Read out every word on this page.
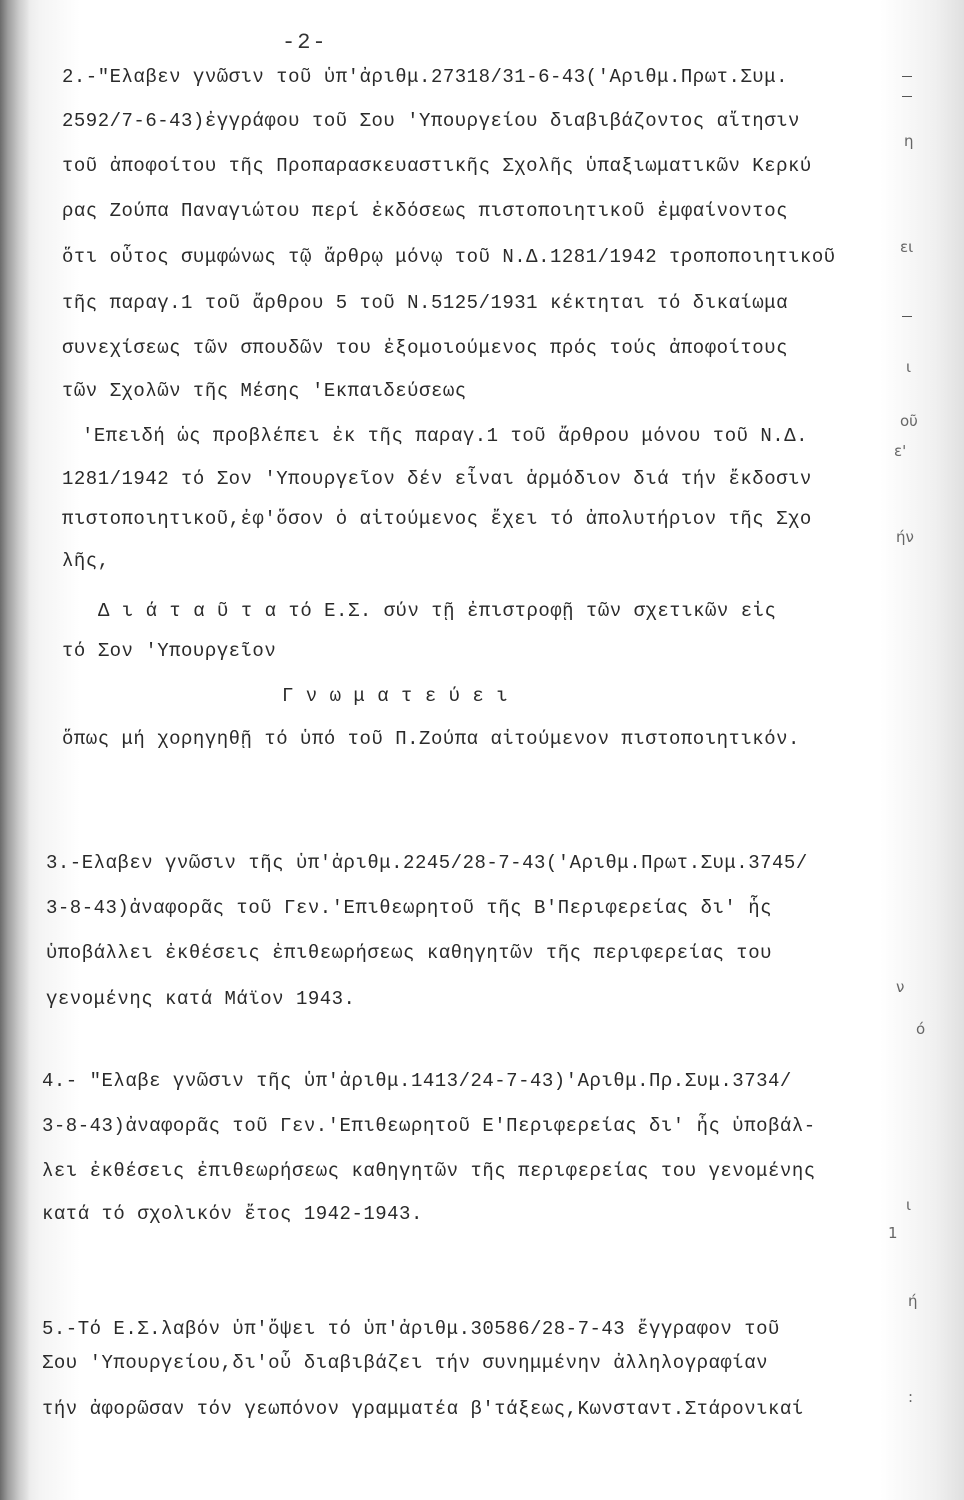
-2-
2.-"Ελαβεν γνῶσιν τοῦ ὑπ'ἀριθμ.27318/31-6-43('Αριθμ.Πρωτ.Συμ.
2592/7-6-43)ἐγγράφου τοῦ Σου 'Υπουργείου διαβιβάζοντος αἴτησιν
τοῦ ἀποφοίτου τῆς Προπαρασκευαστικῆς Σχολῆς ὑπαξιωματικῶν Κερκύ
ρας Ζούπα Παναγιώτου περί ἐκδόσεως πιστοποιητικοῦ ἐμφαίνοντος
ὅτι οὗτος συμφώνως τῷ ἄρθρῳ μόνῳ τοῦ Ν.Δ.1281/1942 τροποποιητικοῦ
τῆς παραγ.1 τοῦ ἄρθρου 5 τοῦ Ν.5125/1931 κέκτηται τό δικαίωμα
συνεχίσεως τῶν σπουδῶν του ἐξομοιούμενος πρός τούς ἀποφοίτους
τῶν Σχολῶν τῆς Μέσης 'Εκπαιδεύσεως
'Επειδή ὡς προβλέπει ἐκ τῆς παραγ.1 τοῦ ἄρθρου μόνου τοῦ Ν.Δ.
1281/1942 τό Σον 'Υπουργεῖον δέν εἶναι ἁρμόδιον διά τήν ἔκδοσιν
πιστοποιητικοῦ,ἐφ'ὅσον ὁ αἰτούμενος ἔχει τό ἀπολυτήριον τῆς Σχο
λῆς,
Δ ι ά τ α ῦ τ α τό Ε.Σ. σύν τῇ ἐπιστροφῇ τῶν σχετικῶν εἰς
τό Σον 'Υπουργεῖον
Γ ν ω μ α τ ε ύ ε ι
ὅπως μή χορηγηθῇ τό ὑπό τοῦ Π.Ζούπα αἰτούμενον πιστοποιητικόν.
3.-Ελαβεν γνῶσιν τῆς ὑπ'ἀριθμ.2245/28-7-43('Αριθμ.Πρωτ.Συμ.3745/
3-8-43)ἀναφορᾶς τοῦ Γεν.'Επιθεωρητοῦ τῆς Β'Περιφερείας δι' ἧς
ὑποβάλλει ἐκθέσεις ἐπιθεωρήσεως καθηγητῶν τῆς περιφερείας του
γενομένης κατά Μάϊον 1943.
4.- "Ελαβε γνῶσιν τῆς ὑπ'ἀριθμ.1413/24-7-43)'Αριθμ.Πρ.Συμ.3734/
3-8-43)ἀναφορᾶς τοῦ Γεν.'Επιθεωρητοῦ Ε'Περιφερείας δι' ἧς ὑποβάλ-
λει ἐκθέσεις ἐπιθεωρήσεως καθηγητῶν τῆς περιφερείας του γενομένης
κατά τό σχολικόν ἔτος 1942-1943.
5.-Τό Ε.Σ.λαβόν ὑπ'ὄψει τό ὑπ'ἀριθμ.30586/28-7-43 ἔγγραφον τοῦ
Σου 'Υπουργείου,δι'οὗ διαβιβάζει τήν συνημμένην ἀλληλογραφίαν
τήν ἀφορῶσαν τόν γεωπόνον γραμματέα β'τάξεως,Κωνσταντ.Στάρονικαί
η
ει
ι
οῦ
ε'
ήν
ν
ό
ι
1
ή
:
